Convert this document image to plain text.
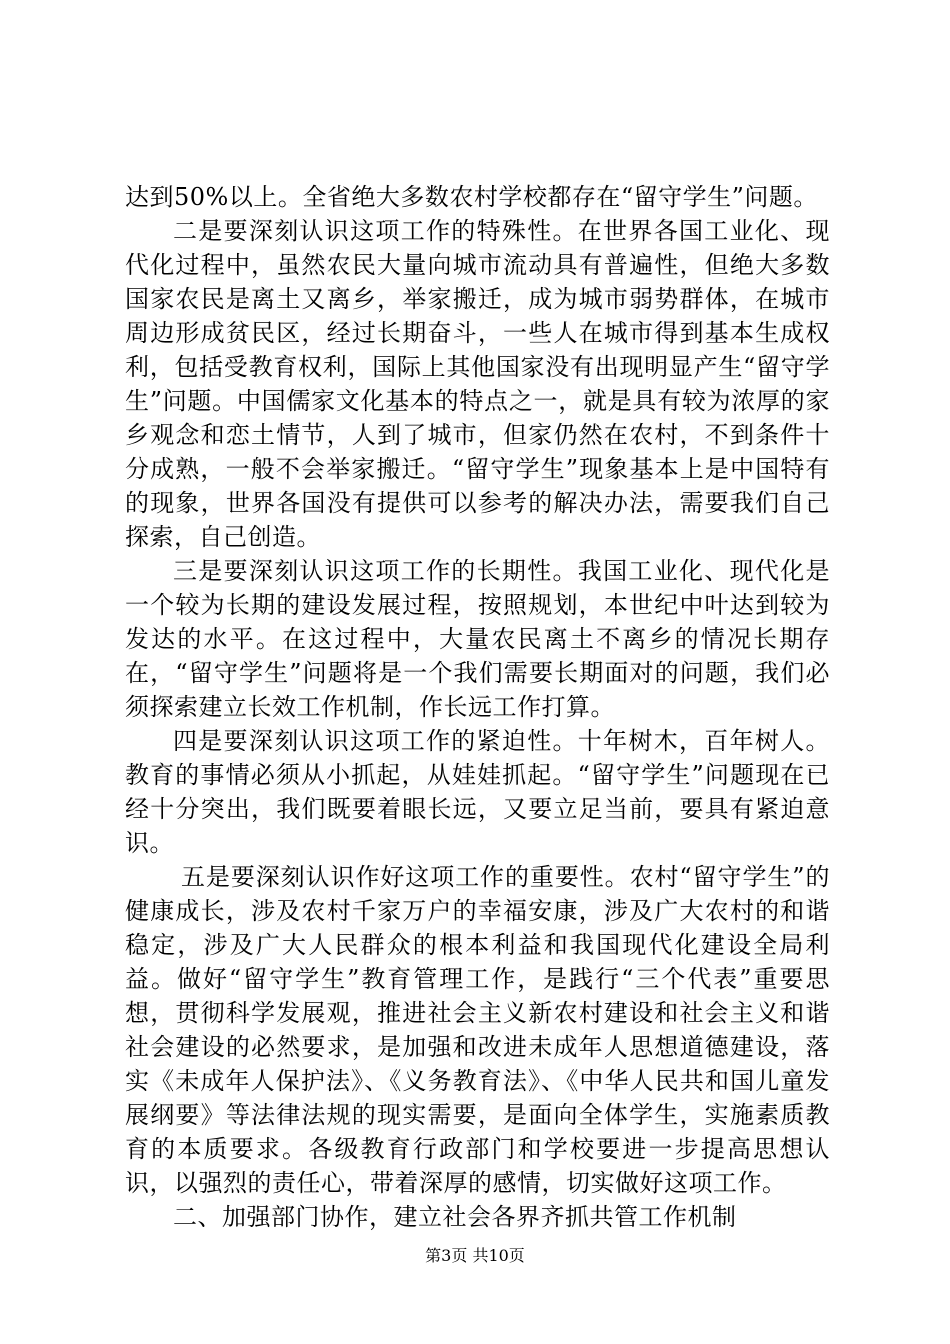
达到50%以上。全省绝大多数农村学校都存在“留守学生”问题。

二是要深刻认识这项工作的特殊性。在世界各国工业化、现代化过程中，虽然农民大量向城市流动具有普遍性，但绝大多数国家农民是离土又离乡，举家搬迁，成为城市弱势群体，在城市周边形成贫民区，经过长期奋斗，一些人在城市得到基本生成权利，包括受教育权利，国际上其他国家没有出现明显产生“留守学生”问题。中国儒家文化基本的特点之一，就是具有较为浓厚的家乡观念和恋土情节，人到了城市，但家仍然在农村，不到条件十分成熟，一般不会举家搬迁。“留守学生”现象基本上是中国特有的现象，世界各国没有提供可以参考的解决办法，需要我们自己探索，自己创造。

三是要深刻认识这项工作的长期性。我国工业化、现代化是一个较为长期的建设发展过程，按照规划，本世纪中叶达到较为发达的水平。在这过程中，大量农民离土不离乡的情况长期存在，“留守学生”问题将是一个我们需要长期面对的问题，我们必须探索建立长效工作机制，作长远工作打算。

四是要深刻认识这项工作的紧迫性。十年树木，百年树人。教育的事情必须从小抓起，从娃娃抓起。“留守学生”问题现在已经十分突出，我们既要着眼长远，又要立足当前，要具有紧迫意识。

五是要深刻认识作好这项工作的重要性。农村“留守学生”的健康成长，涉及农村千家万户的幸福安康，涉及广大农村的和谐稳定，涉及广大人民群众的根本利益和我国现代化建设全局利益。做好“留守学生”教育管理工作，是践行“三个代表”重要思想，贯彻科学发展观，推进社会主义新农村建设和社会主义和谐社会建设的必然要求，是加强和改进未成年人思想道德建设，落实《未成年人保护法》、《义务教育法》、《中华人民共和国儿童发展纲要》等法律法规的现实需要，是面向全体学生，实施素质教育的本质要求。各级教育行政部门和学校要进一步提高思想认识，以强烈的责任心，带着深厚的感情，切实做好这项工作。

二、加强部门协作，建立社会各界齐抓共管工作机制

第3页 共10页
